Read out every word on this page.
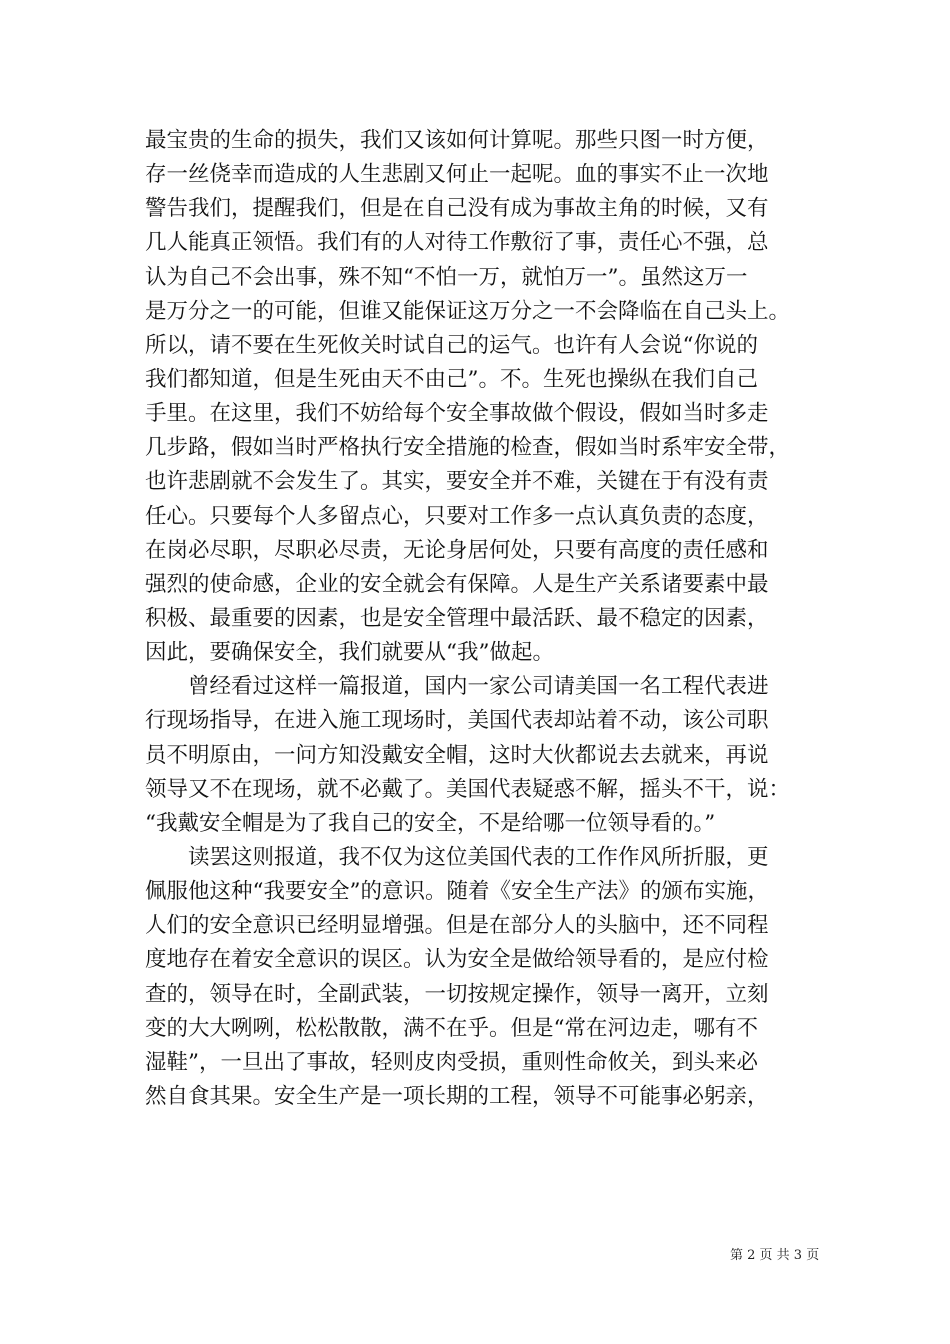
最宝贵的生命的损失，我们又该如何计算呢。那些只图一时方便，
存一丝侥幸而造成的人生悲剧又何止一起呢。血的事实不止一次地
警告我们，提醒我们，但是在自己没有成为事故主角的时候，又有
几人能真正领悟。我们有的人对待工作敷衍了事，责任心不强，总
认为自己不会出事，殊不知“不怕一万，就怕万一”。虽然这万一
是万分之一的可能，但谁又能保证这万分之一不会降临在自己头上。
所以，请不要在生死攸关时试自己的运气。也许有人会说“你说的
我们都知道，但是生死由天不由己”。不。生死也操纵在我们自己
手里。在这里，我们不妨给每个安全事故做个假设，假如当时多走
几步路，假如当时严格执行安全措施的检查，假如当时系牢安全带，
也许悲剧就不会发生了。其实，要安全并不难，关键在于有没有责
任心。只要每个人多留点心，只要对工作多一点认真负责的态度，
在岗必尽职，尽职必尽责，无论身居何处，只要有高度的责任感和
强烈的使命感，企业的安全就会有保障。人是生产关系诸要素中最
积极、最重要的因素，也是安全管理中最活跃、最不稳定的因素，
因此，要确保安全，我们就要从“我”做起。
曾经看过这样一篇报道，国内一家公司请美国一名工程代表进
行现场指导，在进入施工现场时，美国代表却站着不动，该公司职
员不明原由，一问方知没戴安全帽，这时大伙都说去去就来，再说
领导又不在现场，就不必戴了。美国代表疑惑不解，摇头不干，说：
“我戴安全帽是为了我自己的安全，不是给哪一位领导看的。”
读罢这则报道，我不仅为这位美国代表的工作作风所折服，更
佩服他这种“我要安全”的意识。随着《安全生产法》的颁布实施，
人们的安全意识已经明显增强。但是在部分人的头脑中，还不同程
度地存在着安全意识的误区。认为安全是做给领导看的，是应付检
查的，领导在时，全副武装，一切按规定操作，领导一离开，立刻
变的大大咧咧，松松散散，满不在乎。但是“常在河边走，哪有不
湿鞋”，一旦出了事故，轻则皮肉受损，重则性命攸关，到头来必
然自食其果。安全生产是一项长期的工程，领导不可能事必躬亲，
第 2 页 共 3 页
